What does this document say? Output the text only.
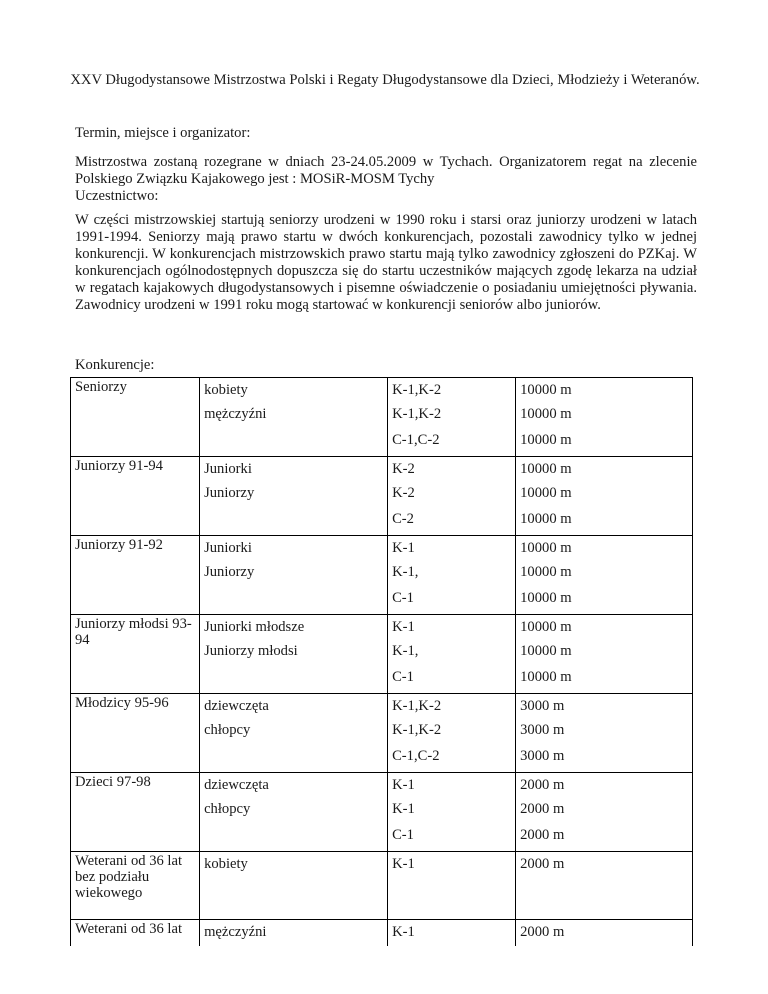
XXV Długodystansowe Mistrzostwa Polski i Regaty Długodystansowe dla Dzieci, Młodzieży i Weteranów.
Termin, miejsce i organizator:
Mistrzostwa zostaną rozegrane w dniach 23-24.05.2009 w Tychach. Organizatorem regat na zlecenie Polskiego Związku Kajakowego jest : MOSiR-MOSM Tychy
Uczestnictwo:
W części mistrzowskiej startują seniorzy urodzeni w 1990 roku i starsi oraz juniorzy urodzeni w latach 1991-1994. Seniorzy mają prawo startu w dwóch konkurencjach, pozostali zawodnicy tylko w jednej konkurencji. W konkurencjach mistrzowskich prawo startu mają tylko zawodnicy zgłoszeni do PZKaj. W konkurencjach ogólnodostępnych dopuszcza się do startu uczestników mających zgodę lekarza na udział w regatach kajakowych długodystansowych i pisemne oświadczenie o posiadaniu umiejętności pływania. Zawodnicy urodzeni w 1991 roku mogą startować w konkurencji seniorów albo juniorów.
Konkurencje:
Seniorzy	kobiety	K-1,K-2	10000 m
	mężczyźni	K-1,K-2	10000 m
		C-1,C-2	10000 m
Juniorzy 91-94	Juniorki	K-2	10000 m
	Juniorzy	K-2	10000 m
		C-2	10000 m
Juniorzy 91-92	Juniorki	K-1	10000 m
	Juniorzy	K-1,	10000 m
		C-1	10000 m
Juniorzy młodsi 93-94	Juniorki młodsze	K-1	10000 m
	Juniorzy młodsi	K-1,	10000 m
		C-1	10000 m
Młodzicy 95-96	dziewczęta	K-1,K-2	3000 m
	chłopcy	K-1,K-2	3000 m
		C-1,C-2	3000 m
Dzieci 97-98	dziewczęta	K-1	2000 m
	chłopcy	K-1	2000 m
		C-1	2000 m
Weterani od 36 lat bez podziału wiekowego	kobiety	K-1	2000 m
Weterani od 36 lat	mężczyźni	K-1	2000 m
